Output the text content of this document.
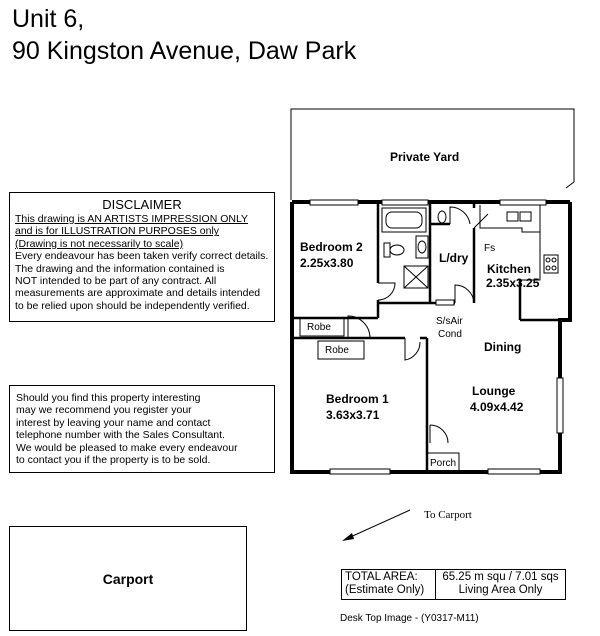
Unit 6,
90 Kingston Avenue, Daw Park
Private Yard
Bedroom 2
2.25x3.80	L/dry
Fs
Kitchen
2.35x3.25
Robe
Robe
S/sAir
Cond
Dining
Bedroom 1
3.63x3.71
Lounge
4.09x4.42
Porch
To Carport
DISCLAIMER
This drawing is AN ARTISTS IMPRESSION ONLY
and is for ILLUSTRATION PURPOSES only
(Drawing is not necessarily to scale)
Every endeavour has been taken verify correct details.
The drawing and the information contained is
NOT intended to be part of any contract. All
measurements are approximate and details intended
to be relied upon should be independently verified.
Should you find this property interesting
may we recommend you register your
interest by leaving your name and contact
telephone number with the Sales Consultant.
We would be pleased to make every endeavour
to contact you if the property is to be sold.
Carport	TOTAL AREA:
(Estimate Only)
65.25 m squ / 7.01 sqs
Living Area Only
Desk Top Image - (Y0317-M11)
